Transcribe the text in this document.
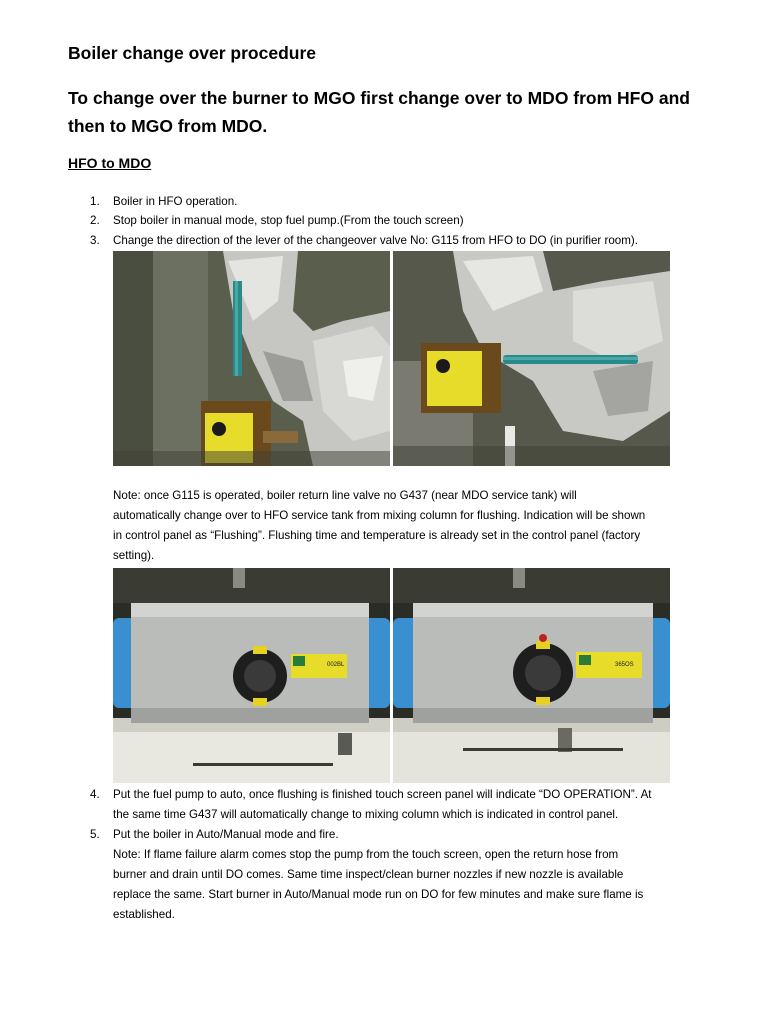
Boiler change over procedure
To change over the burner to MGO first change over to MDO from HFO and then to MGO from MDO.
HFO to MDO
1.	Boiler in HFO operation.
2.	Stop boiler in manual mode, stop fuel pump.(From the touch screen)
3.	Change the direction of the lever of the changeover valve No: G115 from HFO to DO (in purifier room).
Note: once G115 is operated, boiler return line valve no G437 (near MDO service tank) will
automatically change over to HFO service tank from mixing column for flushing. Indication will be shown
in control panel as “Flushing”. Flushing time and temperature is already set in the control panel (factory
setting).
002BL	365OS
4.	Put the fuel pump to auto, once flushing is finished touch screen panel will indicate “DO OPERATION”. At
the same time G437 will automatically change to mixing column which is indicated in control panel.
5.	Put the boiler in Auto/Manual mode and fire.
Note: If flame failure alarm comes stop the pump from the touch screen, open the return hose from
burner and drain until DO comes. Same time inspect/clean burner nozzles if new nozzle is available
replace the same. Start burner in Auto/Manual mode run on DO for few minutes and make sure flame is
established.
